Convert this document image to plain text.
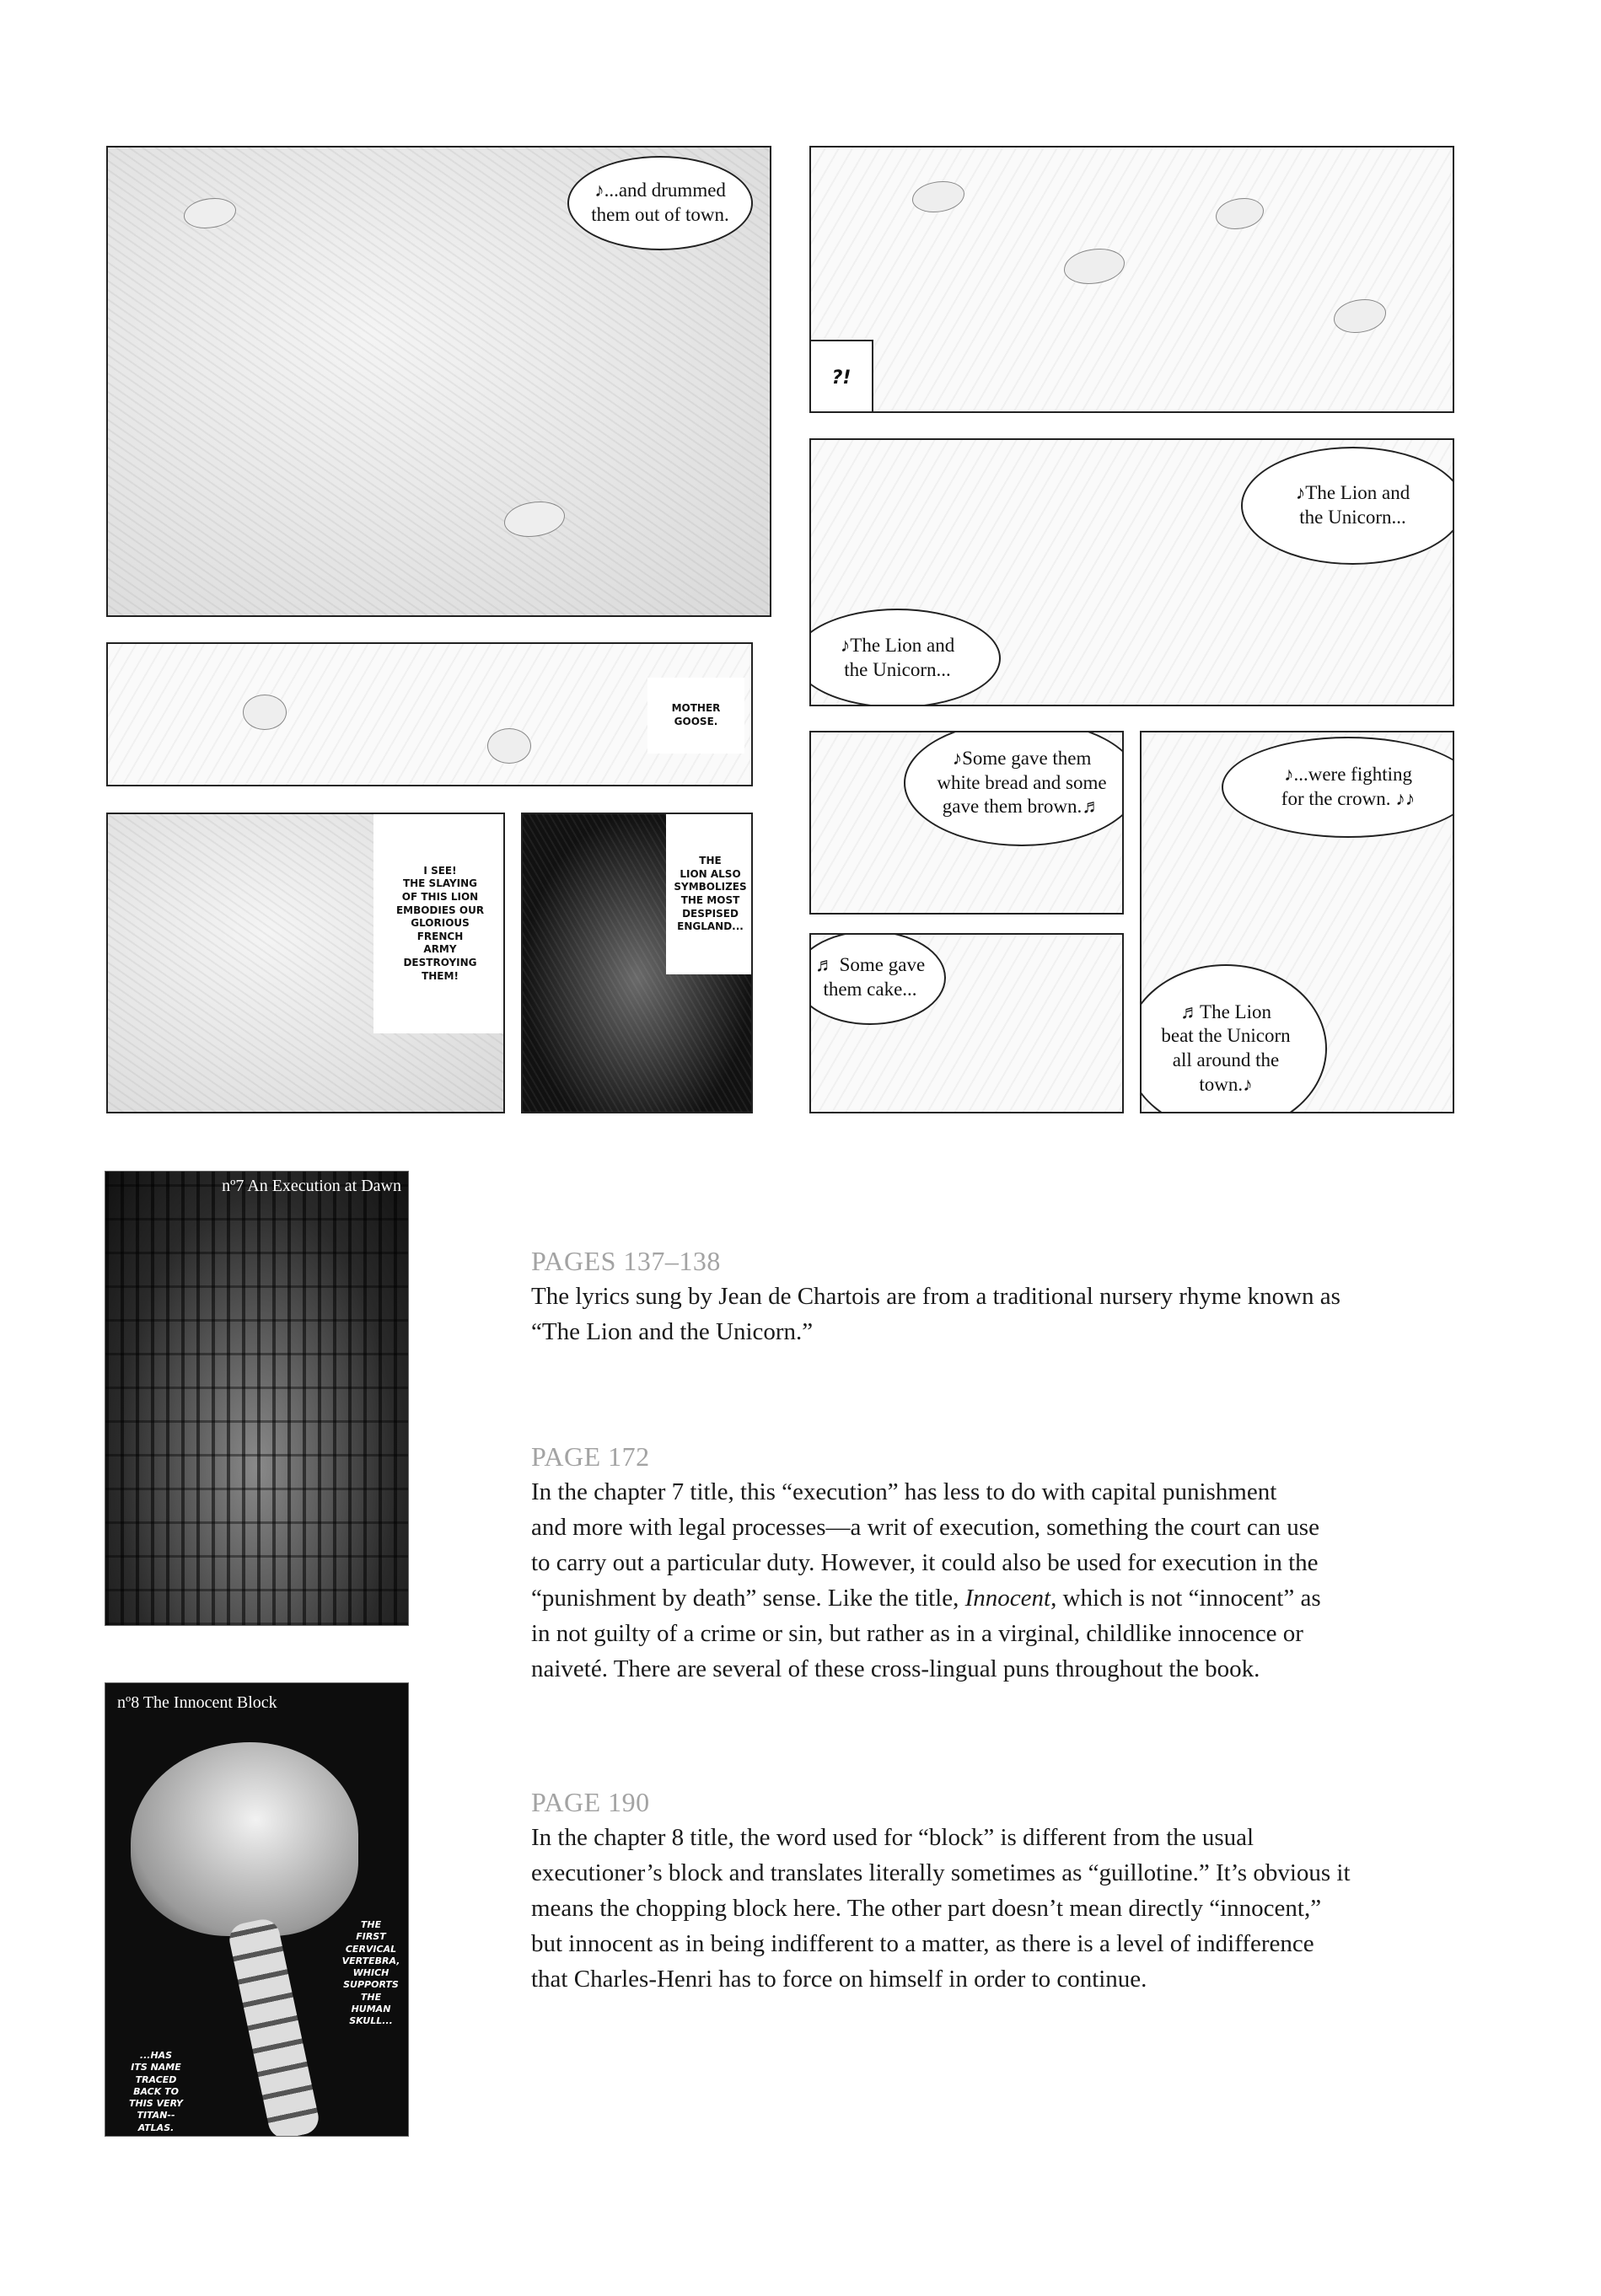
♪...and drummed
them out of town.
MOTHER
GOOSE.
I SEE!
THE SLAYING
OF THIS LION
EMBODIES OUR
GLORIOUS
FRENCH
ARMY
DESTROYING
THEM!
THE
LION ALSO
SYMBOLIZES
THE MOST
DESPISED
ENGLAND...
?!
♪The Lion and
the Unicorn...
♪The Lion and
the Unicorn...
♪Some gave them
white bread and some
gave them brown.♬
♬ Some gave
them cake...
♪...were fighting
for the crown. ♪♪
♬The Lion
beat the Unicorn
all around the
town.♪
nº7 An Execution at Dawn
nº8 The Innocent Block
THE
FIRST
CERVICAL
VERTEBRA,
WHICH
SUPPORTS
THE
HUMAN
SKULL...
...HAS
ITS NAME
TRACED
BACK TO
THIS VERY
TITAN--
ATLAS.
PAGES 137–138

The lyrics sung by Jean de Chartois are from a traditional nursery rhyme known as

“The Lion and the Unicorn.”

PAGE 172

In the chapter 7 title, this “execution” has less to do with capital punishment

and more with legal processes—a writ of execution, something the court can use

to carry out a particular duty. However, it could also be used for execution in the

“punishment by death” sense. Like the title, Innocent, which is not “innocent” as

in not guilty of a crime or sin, but rather as in a virginal, childlike innocence or

naiveté. There are several of these cross-lingual puns throughout the book.

PAGE 190

In the chapter 8 title, the word used for “block” is different from the usual

executioner’s block and translates literally sometimes as “guillotine.” It’s obvious it

means the chopping block here. The other part doesn’t mean directly “innocent,”

but innocent as in being indifferent to a matter, as there is a level of indifference

that Charles-Henri has to force on himself in order to continue.
